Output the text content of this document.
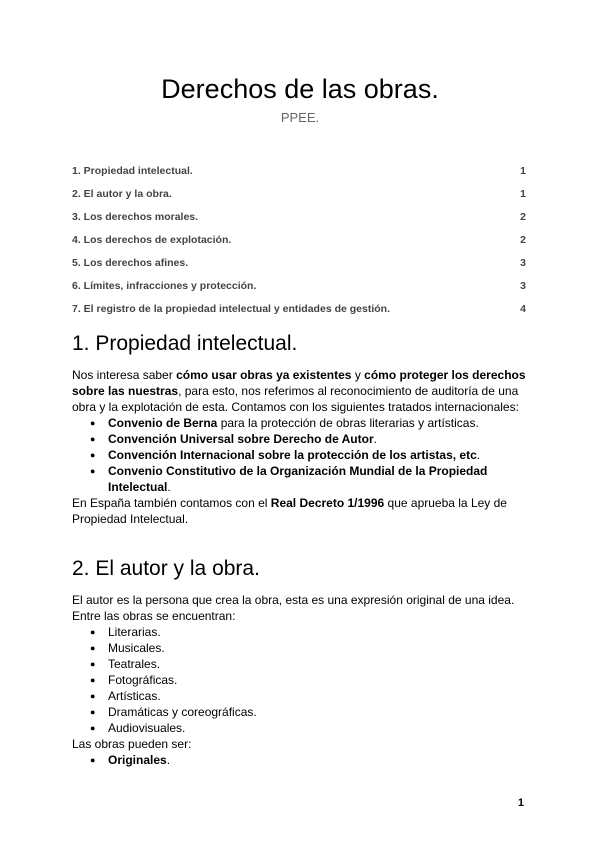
Derechos de las obras.
PPEE.
1. Propiedad intelectual.	1
2. El autor y la obra.	1
3. Los derechos morales.	2
4. Los derechos de explotación.	2
5. Los derechos afines.	3
6. Límites, infracciones y protección.	3
7. El registro de la propiedad intelectual y entidades de gestión.	4
1. Propiedad intelectual.

Nos interesa saber cómo usar obras ya existentes y cómo proteger los derechos sobre las nuestras, para esto, nos referimos al reconocimiento de auditoría de una obra y la explotación de esta. Contamos con los siguientes tratados internacionales:

● Convenio de Berna para la protección de obras literarias y artísticas.
● Convención Universal sobre Derecho de Autor.
● Convención Internacional sobre la protección de los artistas, etc.
● Convenio Constitutivo de la Organización Mundial de la Propiedad Intelectual.

En España también contamos con el Real Decreto 1/1996 que aprueba la Ley de Propiedad Intelectual.

2. El autor y la obra.

El autor es la persona que crea la obra, esta es una expresión original de una idea.

Entre las obras se encuentran:

● Literarias.
● Musicales.
● Teatrales.
● Fotográficas.
● Artísticas.
● Dramáticas y coreográficas.
● Audiovisuales.

Las obras pueden ser:

● Originales.
1
